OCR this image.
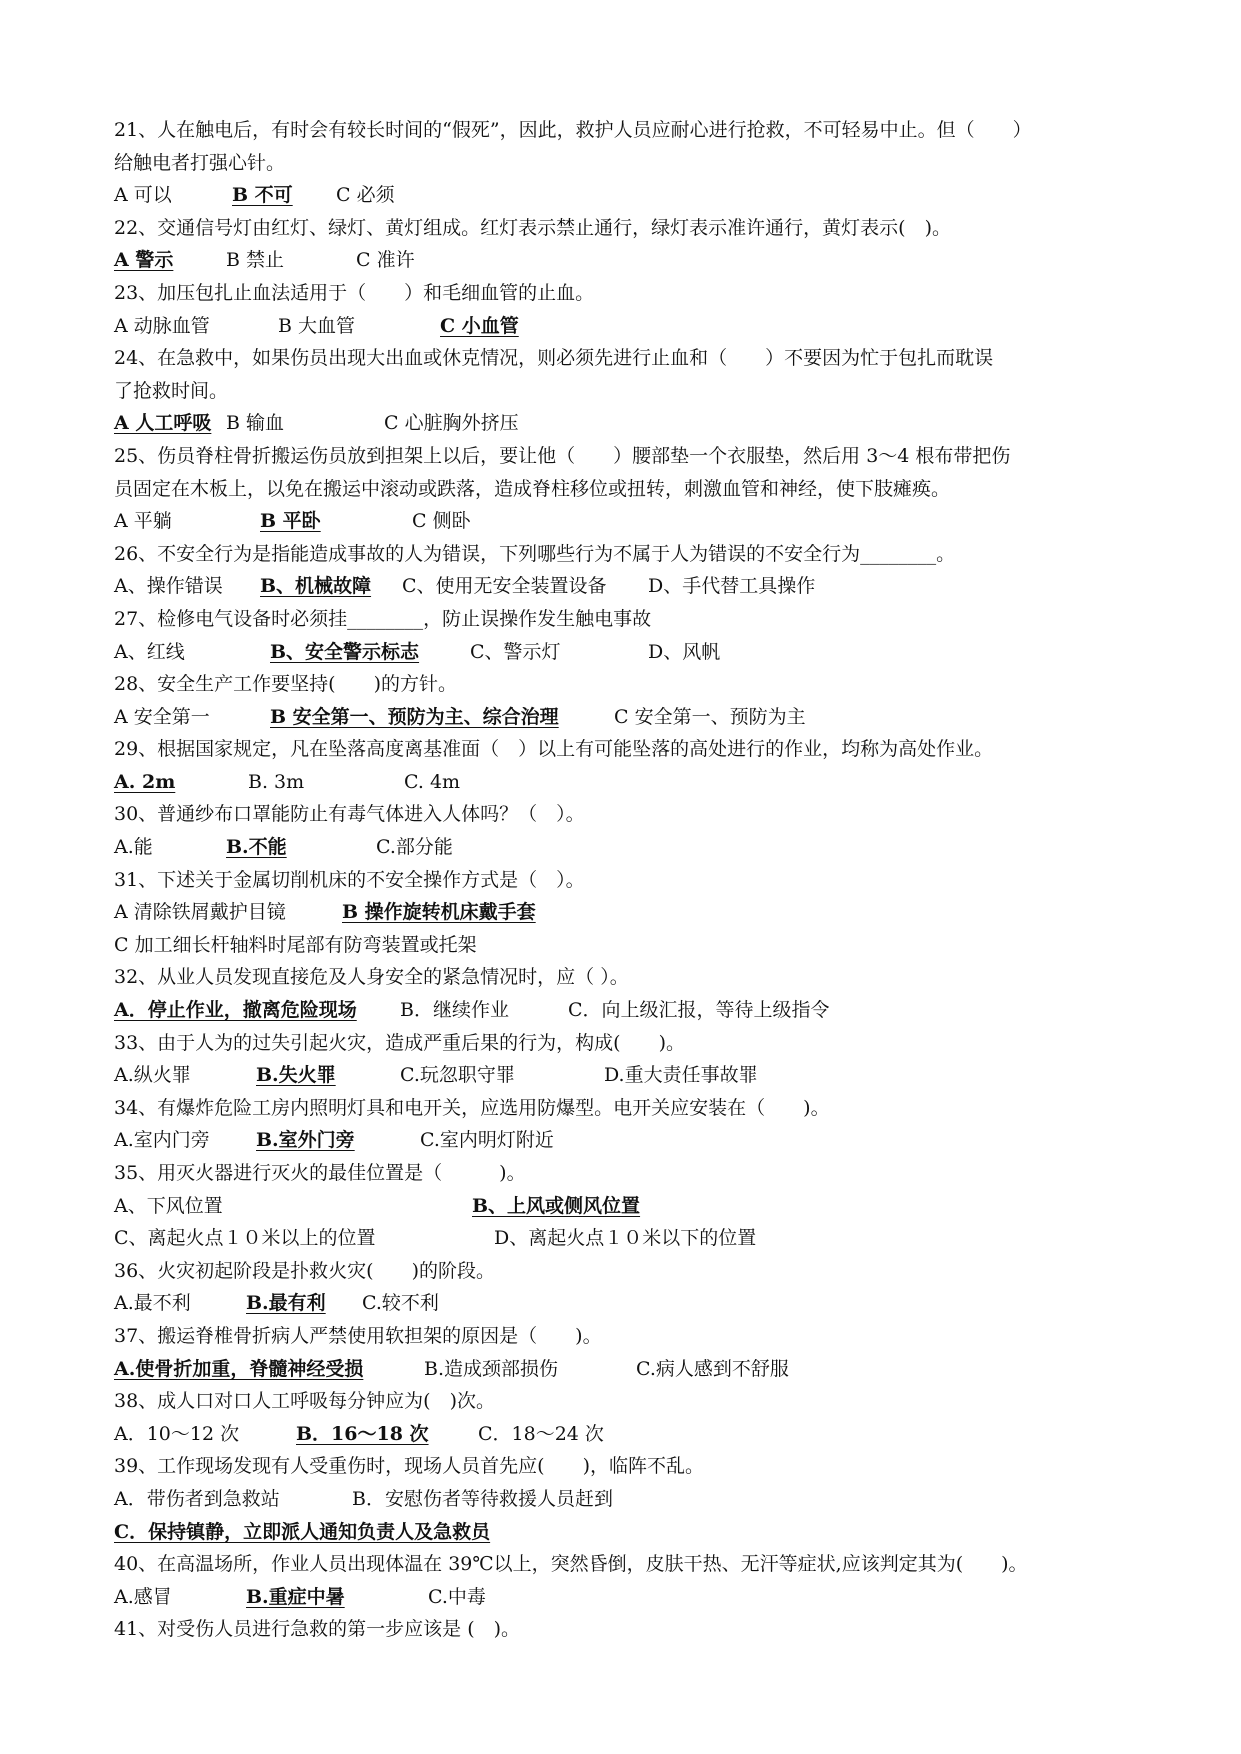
21、人在触电后，有时会有较长时间的“假死”，因此，救护人员应耐心进行抢救，不可轻易中止。但（　　）
给触电者打强心针。
A 可以	B 不可 C 必须
22、交通信号灯由红灯、绿灯、黄灯组成。红灯表示禁止通行，绿灯表示准许通行，黄灯表示(　)。
A 警示	B 禁止	C 准许
23、加压包扎止血法适用于（　　）和毛细血管的止血。
A 动脉血管	B 大血管	C 小血管
24、在急救中，如果伤员出现大出血或休克情况，则必须先进行止血和（　　）不要因为忙于包扎而耽误
了抢救时间。
A 人工呼吸 B 输血	C 心脏胸外挤压
25、伤员脊柱骨折搬运伤员放到担架上以后，要让他（　　）腰部垫一个衣服垫，然后用 3～4 根布带把伤
员固定在木板上，以免在搬运中滚动或跌落，造成脊柱移位或扭转，刺激血管和神经，使下肢瘫痪。
A 平躺	B 平卧	C 侧卧
26、不安全行为是指能造成事故的人为错误，下列哪些行为不属于人为错误的不安全行为________。
A、操作错误 B、机械故障 C、使用无安全装置设备 D、手代替工具操作
27、检修电气设备时必须挂________，防止误操作发生触电事故
A、红线	B、安全警示标志	C、警示灯	D、风帆
28、安全生产工作要坚持(　　)的方针。
A 安全第一	B 安全第一、预防为主、综合治理	C 安全第一、预防为主
29、根据国家规定，凡在坠落高度离基准面（　）以上有可能坠落的高处进行的作业，均称为高处作业。
A. 2m	B. 3m	C. 4m
30、普通纱布口罩能防止有毒气体进入人体吗？（　）。
A.能	B.不能	C.部分能
31、下述关于金属切削机床的不安全操作方式是（　）。
A 清除铁屑戴护目镜	B 操作旋转机床戴手套
C 加工细长杆轴料时尾部有防弯装置或托架
32、从业人员发现直接危及人身安全的紧急情况时，应（ ）。
A．停止作业，撤离危险现场 B．继续作业	C．向上级汇报，等待上级指令
33、由于人为的过失引起火灾，造成严重后果的行为，构成(　　)。
A.纵火罪	B.失火罪	C.玩忽职守罪	D.重大责任事故罪
34、有爆炸危险工房内照明灯具和电开关，应选用防爆型。电开关应安装在（　　)。
A.室内门旁 B.室外门旁	C.室内明灯附近
35、用灭火器进行灭火的最佳位置是（　　　)。
A、下风位置	B、上风或侧风位置
C、离起火点１０米以上的位置	D、离起火点１０米以下的位置
36、火灾初起阶段是扑救火灾(　　)的阶段。
A.最不利	B.最有利 C.较不利
37、搬运脊椎骨折病人严禁使用软担架的原因是（　　)。
A.使骨折加重，脊髓神经受损	B.造成颈部损伤	C.病人感到不舒服
38、成人口对口人工呼吸每分钟应为(　)次。
A．10～12 次	B．16～18 次	C．18～24 次
39、工作现场发现有人受重伤时，现场人员首先应(　　)，临阵不乱。
A．带伤者到急救站	B．安慰伤者等待救援人员赶到
C．保持镇静，立即派人通知负责人及急救员
40、在高温场所，作业人员出现体温在 39℃以上，突然昏倒，皮肤干热、无汗等症状,应该判定其为(　　)。
A.感冒	B.重症中暑	C.中毒
41、对受伤人员进行急救的第一步应该是 (　)。
